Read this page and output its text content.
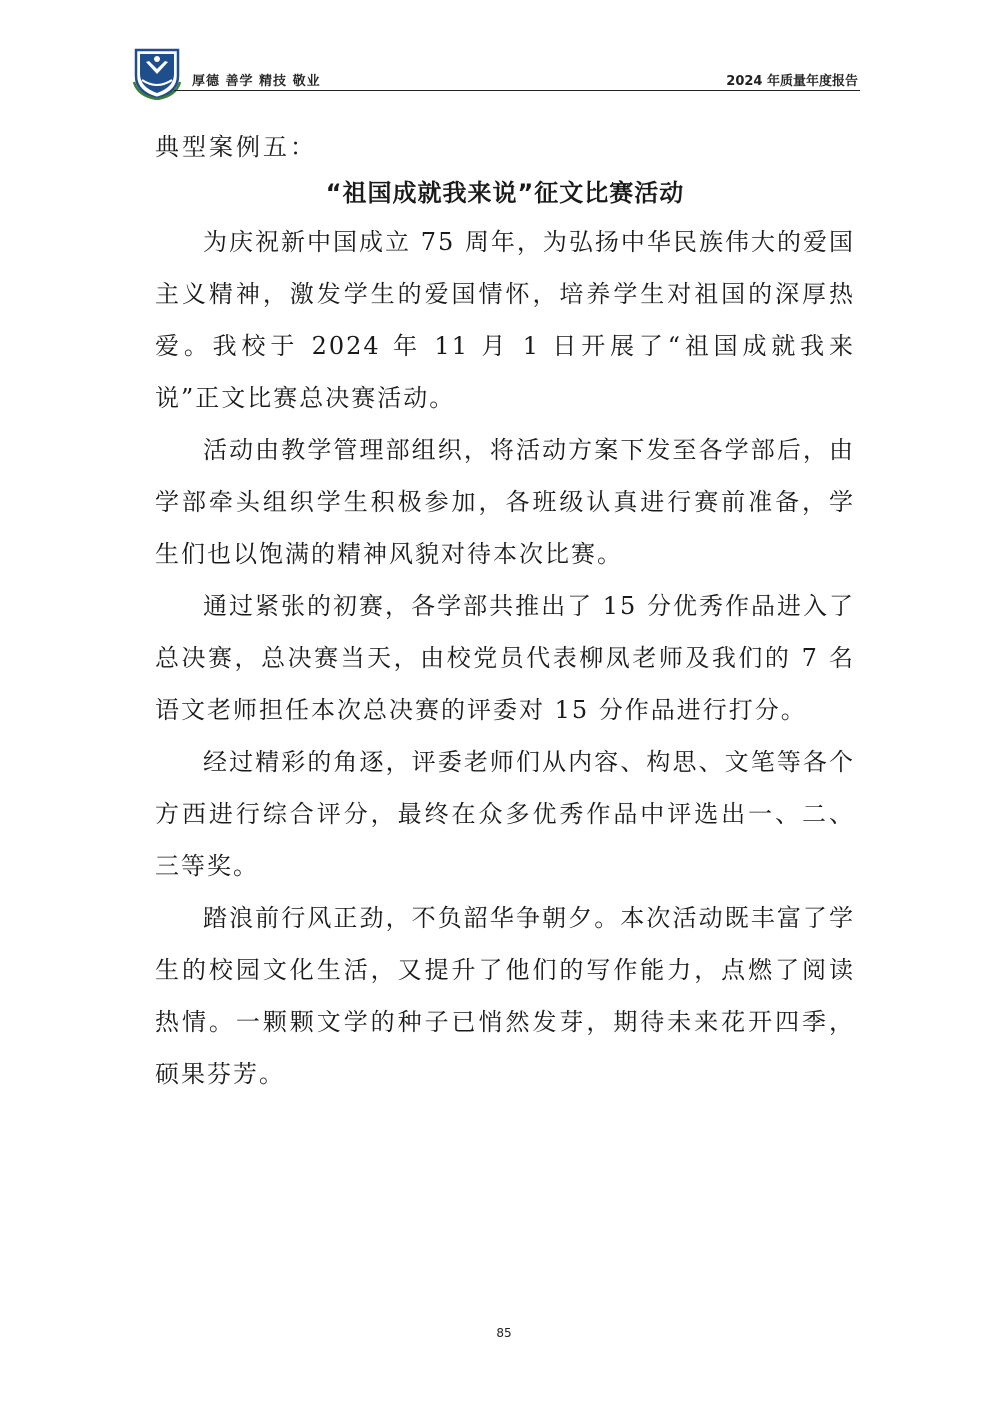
厚德 善学 精技 敬业	2024 年质量年度报告

典型案例五：

“祖国成就我来说”征文比赛活动

为庆祝新中国成立 75 周年，为弘扬中华民族伟大的爱国主义精神，激发学生的爱国情怀，培养学生对祖国的深厚热爱。我校于 2024 年 11 月 1 日开展了“祖国成就我来说”正文比赛总决赛活动。

活动由教学管理部组织，将活动方案下发至各学部后，由学部牵头组织学生积极参加，各班级认真进行赛前准备，学生们也以饱满的精神风貌对待本次比赛。

通过紧张的初赛，各学部共推出了 15 分优秀作品进入了总决赛，总决赛当天，由校党员代表柳凤老师及我们的 7 名语文老师担任本次总决赛的评委对 15 分作品进行打分。

经过精彩的角逐，评委老师们从内容、构思、文笔等各个方西进行综合评分，最终在众多优秀作品中评选出一、二、三等奖。

踏浪前行风正劲，不负韶华争朝夕。本次活动既丰富了学生的校园文化生活，又提升了他们的写作能力，点燃了阅读热情。一颗颗文学的种子已悄然发芽，期待未来花开四季，硕果芬芳。

85
